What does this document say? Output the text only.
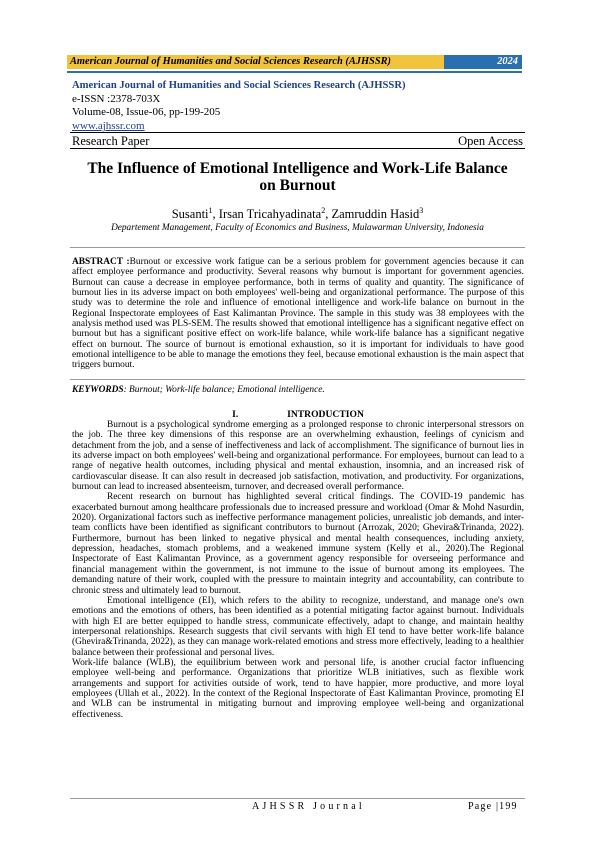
American Journal of Humanities and Social Sciences Research (AJHSSR)	2024
American Journal of Humanities and Social Sciences Research (AJHSSR)
e-ISSN :2378-703X
Volume-08, Issue-06, pp-199-205
www.ajhssr.com
Research Paper	Open Access
The Influence of Emotional Intelligence and Work-Life Balance
on Burnout
Susanti$^1$, Irsan Tricahyadinata$^2$, Zamruddin Hasid$^3$
Departement Management, Faculty of Economics and Business, Mulawarman University, Indonesia

ABSTRACT :Burnout or excessive work fatigue can be a serious problem for government agencies because it can affect employee performance and productivity. Several reasons why burnout is important for government agencies. Burnout can cause a decrease in employee performance, both in terms of quality and quantity. The significance of burnout lies in its adverse impact on both employees' well-being and organizational performance. The purpose of this study was to determine the role and influence of emotional intelligence and work-life balance on burnout in the Regional Inspectorate employees of East Kalimantan Province. The sample in this study was 38 employees with the analysis method used was PLS-SEM. The results showed that emotional intelligence has a significant negative effect on burnout but has a significant positive effect on work-life balance, while work-life balance has a significant negative effect on burnout. The source of burnout is emotional exhaustion, so it is important for individuals to have good emotional intelligence to be able to manage the emotions they feel, because emotional exhaustion is the main aspect that triggers burnout.

KEYWORDS: Burnout; Work-life balance; Emotional intelligence.
I.	INTRODUCTION

Burnout is a psychological syndrome emerging as a prolonged response to chronic interpersonal stressors on the job. The three key dimensions of this response are an overwhelming exhaustion, feelings of cynicism and detachment from the job, and a sense of ineffectiveness and lack of accomplishment. The significance of burnout lies in its adverse impact on both employees' well-being and organizational performance. For employees, burnout can lead to a range of negative health outcomes, including physical and mental exhaustion, insomnia, and an increased risk of cardiovascular disease. It can also result in decreased job satisfaction, motivation, and productivity. For organizations, burnout can lead to increased absenteeism, turnover, and decreased overall performance.

Recent research on burnout has highlighted several critical findings. The COVID-19 pandemic has exacerbated burnout among healthcare professionals due to increased pressure and workload (Omar & Mohd Nasurdin, 2020). Organizational factors such as ineffective performance management policies, unrealistic job demands, and inter-team conflicts have been identified as significant contributors to burnout (Arrozak, 2020; Ghevira&Trinanda, 2022). Furthermore, burnout has been linked to negative physical and mental health consequences, including anxiety, depression, headaches, stomach problems, and a weakened immune system (Kelly et al., 2020).The Regional Inspectorate of East Kalimantan Province, as a government agency responsible for overseeing performance and financial management within the government, is not immune to the issue of burnout among its employees. The demanding nature of their work, coupled with the pressure to maintain integrity and accountability, can contribute to chronic stress and ultimately lead to burnout.

Emotional intelligence (EI), which refers to the ability to recognize, understand, and manage one's own emotions and the emotions of others, has been identified as a potential mitigating factor against burnout. Individuals with high EI are better equipped to handle stress, communicate effectively, adapt to change, and maintain healthy interpersonal relationships. Research suggests that civil servants with high EI tend to have better work-life balance (Ghevira&Trinanda, 2022), as they can manage work-related emotions and stress more effectively, leading to a healthier balance between their professional and personal lives.

Work-life balance (WLB), the equilibrium between work and personal life, is another crucial factor influencing employee well-being and performance. Organizations that prioritize WLB initiatives, such as flexible work arrangements and support for activities outside of work, tend to have happier, more productive, and more loyal employees (Ullah et al., 2022). In the context of the Regional Inspectorate of East Kalimantan Province, promoting EI and WLB can be instrumental in mitigating burnout and improving employee well-being and organizational effectiveness.

AJHSSR Journal	Page |199
